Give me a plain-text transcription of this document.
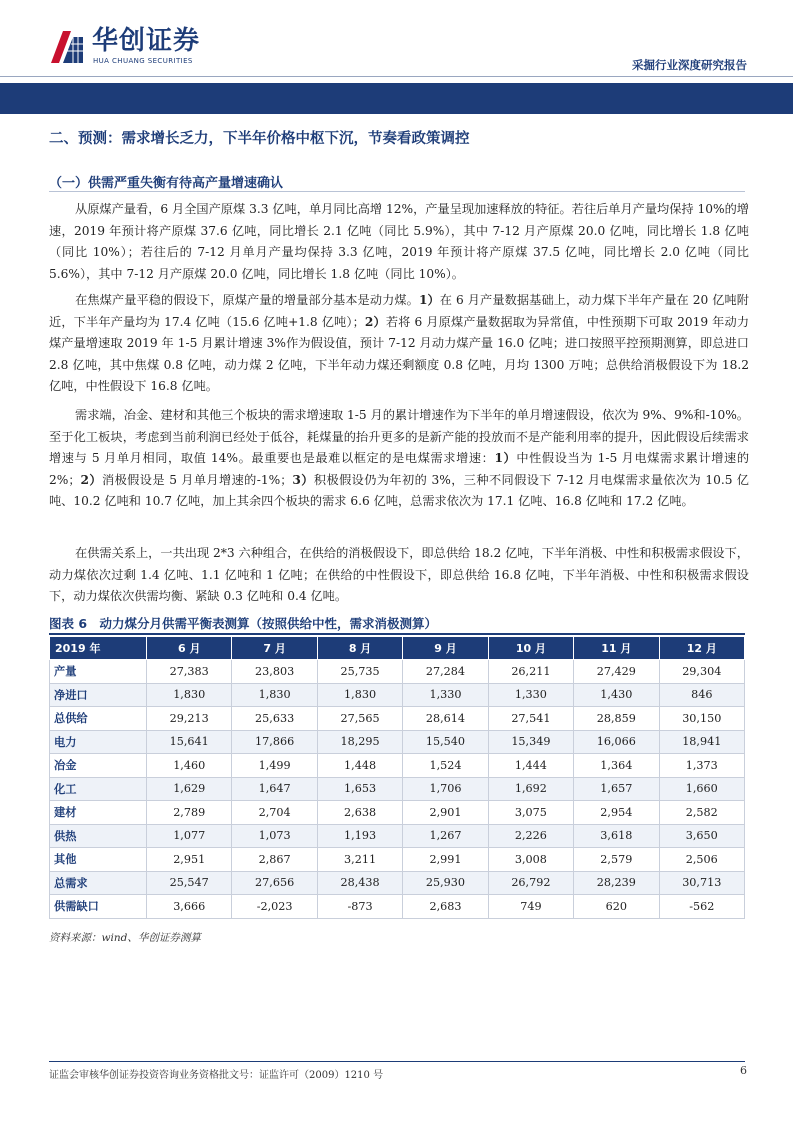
华创证券
HUA CHUANG SECURITIES	采掘行业深度研究报告
二、预测：需求增长乏力，下半年价格中枢下沉，节奏看政策调控
（一）供需严重失衡有待高产量增速确认

从原煤产量看，6 月全国产原煤 3.3 亿吨，单月同比高增 12%，产量呈现加速释放的特征。若往后单月产量均保持 10%的增速，2019 年预计将产原煤 37.6 亿吨，同比增长 2.1 亿吨（同比 5.9%），其中 7-12 月产原煤 20.0 亿吨，同比增长 1.8 亿吨（同比 10%）；若往后的 7-12 月单月产量均保持 3.3 亿吨，2019 年预计将产原煤 37.5 亿吨，同比增长 2.0 亿吨（同比 5.6%），其中 7-12 月产原煤 20.0 亿吨，同比增长 1.8 亿吨（同比 10%）。

在焦煤产量平稳的假设下，原煤产量的增量部分基本是动力煤。1）在 6 月产量数据基础上，动力煤下半年产量在 20 亿吨附近，下半年产量均为 17.4 亿吨（15.6 亿吨+1.8 亿吨）；2）若将 6 月原煤产量数据取为异常值，中性预期下可取 2019 年动力煤产量增速取 2019 年 1-5 月累计增速 3%作为假设值，预计 7-12 月动力煤产量 16.0 亿吨；进口按照平控预期测算，即总进口 2.8 亿吨，其中焦煤 0.8 亿吨，动力煤 2 亿吨，下半年动力煤还剩额度 0.8 亿吨，月均 1300 万吨；总供给消极假设下为 18.2 亿吨，中性假设下 16.8 亿吨。

需求端，冶金、建材和其他三个板块的需求增速取 1-5 月的累计增速作为下半年的单月增速假设，依次为 9%、9%和-10%。至于化工板块，考虑到当前利润已经处于低谷，耗煤量的抬升更多的是新产能的投放而不是产能利用率的提升，因此假设后续需求增速与 5 月单月相同，取值 14%。最重要也是最难以框定的是电煤需求增速：1）中性假设当为 1-5 月电煤需求累计增速的 2%；2）消极假设是 5 月单月增速的-1%；3）积极假设仍为年初的 3%，三种不同假设下 7-12 月电煤需求量依次为 10.5 亿吨、10.2 亿吨和 10.7 亿吨，加上其余四个板块的需求 6.6 亿吨，总需求依次为 17.1 亿吨、16.8 亿吨和 17.2 亿吨。

在供需关系上，一共出现 2*3 六种组合，在供给的消极假设下，即总供给 18.2 亿吨，下半年消极、中性和积极需求假设下，动力煤依次过剩 1.4 亿吨、1.1 亿吨和 1 亿吨；在供给的中性假设下，即总供给 16.8 亿吨，下半年消极、中性和积极需求假设下，动力煤依次供需均衡、紧缺 0.3 亿吨和 0.4 亿吨。

图表 6　动力煤分月供需平衡表测算（按照供给中性，需求消极测算）
2019 年	6 月	7 月	8 月	9 月	10 月	11 月	12 月
产量	27,383	23,803	25,735	27,284	26,211	27,429	29,304
净进口	1,830	1,830	1,830	1,330	1,330	1,430	846
总供给	29,213	25,633	27,565	28,614	27,541	28,859	30,150
电力	15,641	17,866	18,295	15,540	15,349	16,066	18,941
冶金	1,460	1,499	1,448	1,524	1,444	1,364	1,373
化工	1,629	1,647	1,653	1,706	1,692	1,657	1,660
建材	2,789	2,704	2,638	2,901	3,075	2,954	2,582
供热	1,077	1,073	1,193	1,267	2,226	3,618	3,650
其他	2,951	2,867	3,211	2,991	3,008	2,579	2,506
总需求	25,547	27,656	28,438	25,930	26,792	28,239	30,713
供需缺口	3,666	-2,023	-873	2,683	749	620	-562
资料来源：wind、华创证券测算
证监会审核华创证券投资咨询业务资格批文号：证监许可（2009）1210 号	6
